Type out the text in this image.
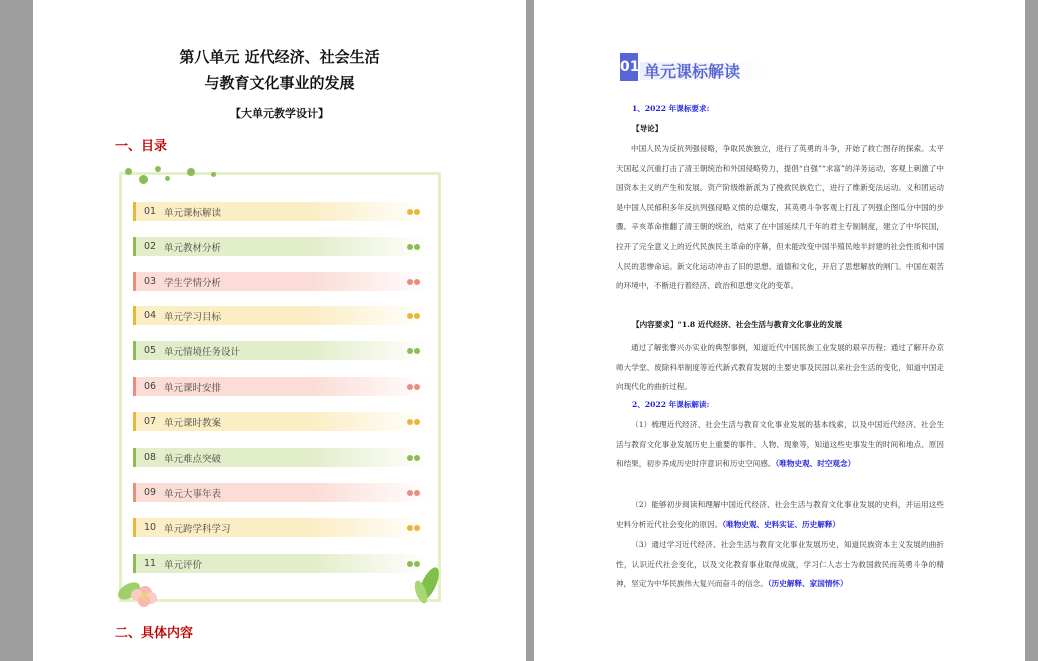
第八单元 近代经济、社会生活
与教育文化事业的发展
【大单元教学设计】
一、目录
01 单元课标解读
02 单元教材分析
03 学生学情分析
04 单元学习目标
05 单元情境任务设计
06 单元课时安排
07 单元课时教案
08 单元难点突破
09 单元大事年表
10 单元跨学科学习
11 单元评价
二、具体内容
01 单元课标解读
1、2022 年课标要求:
【导论】
中国人民为反抗列强侵略，争取民族独立，进行了英勇的斗争，开始了救亡图存的探索。太平天国起义沉重打击了清王朝统治和外国侵略势力，提倡“自强”“求富”的洋务运动，客观上刺激了中国资本主义的产生和发展。资产阶级维新派为了挽救民族危亡，进行了维新变法运动。义和团运动是中国人民郁积多年反抗列强侵略义愤的总爆发，其英勇斗争客观上打乱了列强企图瓜分中国的步骤。辛亥革命推翻了清王朝的统治，结束了在中国延续几千年的君主专制制度，建立了中华民国，拉开了完全意义上的近代民族民主革命的序幕，但未能改变中国半殖民地半封建的社会性质和中国人民的悲惨命运。新文化运动冲击了旧的思想、道德和文化，开启了思想解放的闸门。中国在艰苦的环境中，不断进行着经济、政治和思想文化的变革。
【内容要求】“1.8 近代经济、社会生活与教育文化事业的发展
通过了解张謇兴办实业的典型事例，知道近代中国民族工业发展的艰辛历程；通过了解开办京师大学堂、废除科举制度等近代新式教育发展的主要史事及民国以来社会生活的变化，知道中国走向现代化的曲折过程。
2、2022 年课标解读:
（1）梳理近代经济、社会生活与教育文化事业发展的基本线索，以及中国近代经济、社会生活与教育文化事业发展历史上重要的事件、人物、现象等，知道这些史事发生的时间和地点、原因和结果，初步养成历史时序意识和历史空间感。（唯物史观、时空观念）
（2）能够初步阅读和理解中国近代经济、社会生活与教育文化事业发展的史料，并运用这些史料分析近代社会变化的原因。（唯物史观、史料实证、历史解释）
（3）通过学习近代经济、社会生活与教育文化事业发展历史，知道民族资本主义发展的曲折性，认识近代社会变化，以及文化教育事业取得成就，学习仁人志士为救国救民而英勇斗争的精神，坚定为中华民族伟大复兴而奋斗的信念。（历史解释、家国情怀）
